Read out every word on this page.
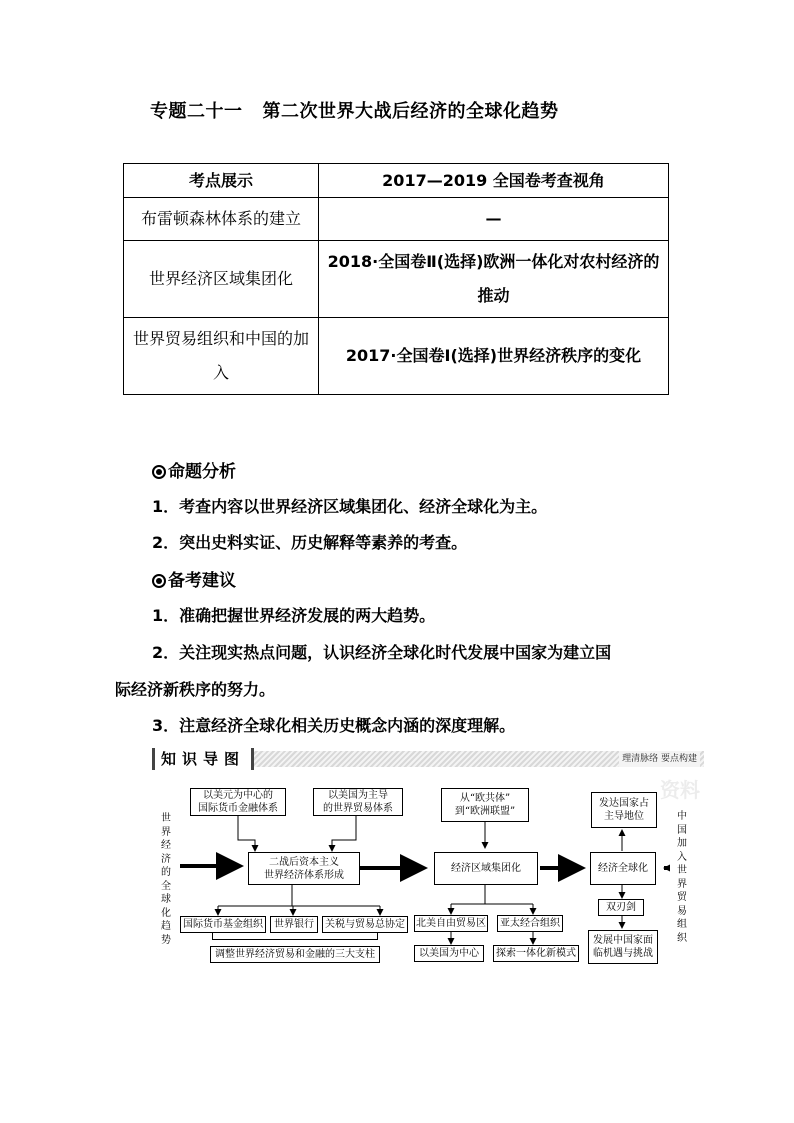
专题二十一 第二次世界大战后经济的全球化趋势
考点展示	2017—2019 全国卷考查视角
布雷顿森林体系的建立	—
世界经济区域集团化	2018·全国卷Ⅱ(选择)欧洲一体化对农村经济的推动
世界贸易组织和中国的加入	2017·全国卷Ⅰ(选择)世界经济秩序的变化
命题分析
1．考查内容以世界经济区域集团化、经济全球化为主。
2．突出史料实证、历史解释等素养的考查。
备考建议
1．准确把握世界经济发展的两大趋势。
2．关注现实热点问题，认识经济全球化时代发展中国家为建立国
际经济新秩序的努力。
3．注意经济全球化相关历史概念内涵的深度理解。
知识导图	理清脉络 要点构建
资料
世界经济的全球化趋势
中国加入世界贸易组织
以美元为中心的
国际货币金融体系
以美国为主导
的世界贸易体系
二战后资本主义
世界经济体系形成
国际货币基金组织	世界银行	关税与贸易总协定
调整世界经济贸易和金融的三大支柱
从“欧共体”
到“欧洲联盟”
经济区域集团化
北美自由贸易区	亚太经合组织
以美国为中心	探索一体化新模式
发达国家占
主导地位
经济全球化
双刃剑
发展中国家面
临机遇与挑战
